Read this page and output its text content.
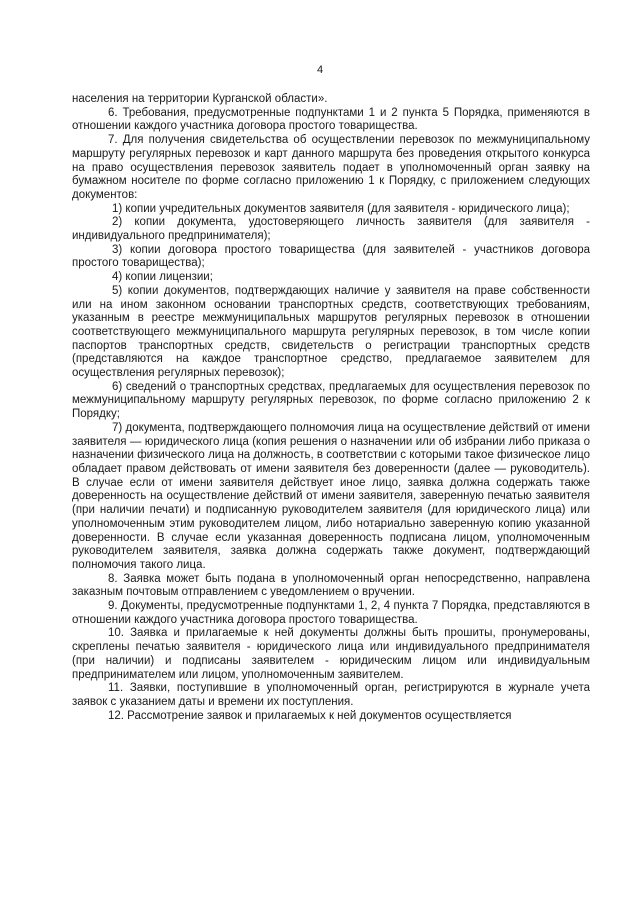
4

населения на территории Курганской области».

6. Требования, предусмотренные подпунктами 1 и 2 пункта 5 Порядка, применяются в отношении каждого участника договора простого товарищества.

7. Для получения свидетельства об осуществлении перевозок по межмуниципальному маршруту регулярных перевозок и карт данного маршрута без проведения открытого конкурса на право осуществления перевозок заявитель подает в уполномоченный орган заявку на бумажном носителе по форме согласно приложению 1 к Порядку, с приложением следующих документов:

1) копии учредительных документов заявителя (для заявителя - юридического лица);

2) копии документа, удостоверяющего личность заявителя (для заявителя - индивидуального предпринимателя);

3) копии договора простого товарищества (для заявителей - участников договора простого товарищества);

4) копии лицензии;

5) копии документов, подтверждающих наличие у заявителя на праве собственности или на ином законном основании транспортных средств, соответствующих требованиям, указанным в реестре межмуниципальных маршрутов регулярных перевозок в отношении соответствующего межмуниципального маршрута регулярных перевозок, в том числе копии паспортов транспортных средств, свидетельств о регистрации транспортных средств (представляются на каждое транспортное средство, предлагаемое заявителем для осуществления регулярных перевозок);

6) сведений о транспортных средствах, предлагаемых для осуществления перевозок по межмуниципальному маршруту регулярных перевозок, по форме согласно приложению 2 к Порядку;

7) документа, подтверждающего полномочия лица на осуществление действий от имени заявителя — юридического лица (копия решения о назначении или об избрании либо приказа о назначении физического лица на должность, в соответствии с которыми такое физическое лицо обладает правом действовать от имени заявителя без доверенности (далее — руководитель). В случае если от имени заявителя действует иное лицо, заявка должна содержать также доверенность на осуществление действий от имени заявителя, заверенную печатью заявителя (при наличии печати) и подписанную руководителем заявителя (для юридического лица) или уполномоченным этим руководителем лицом, либо нотариально заверенную копию указанной доверенности. В случае если указанная доверенность подписана лицом, уполномоченным руководителем заявителя, заявка должна содержать также документ, подтверждающий полномочия такого лица.

8. Заявка может быть подана в уполномоченный орган непосредственно, направлена заказным почтовым отправлением с уведомлением о вручении.

9. Документы, предусмотренные подпунктами 1, 2, 4 пункта 7 Порядка, представляются в отношении каждого участника договора простого товарищества.

10. Заявка и прилагаемые к ней документы должны быть прошиты, пронумерованы, скреплены печатью заявителя - юридического лица или индивидуального предпринимателя (при наличии) и подписаны заявителем - юридическим лицом или индивидуальным предпринимателем или лицом, уполномоченным заявителем.

11. Заявки, поступившие в уполномоченный орган, регистрируются в журнале учета заявок с указанием даты и времени их поступления.

12. Рассмотрение заявок и прилагаемых к ней документов осуществляется
